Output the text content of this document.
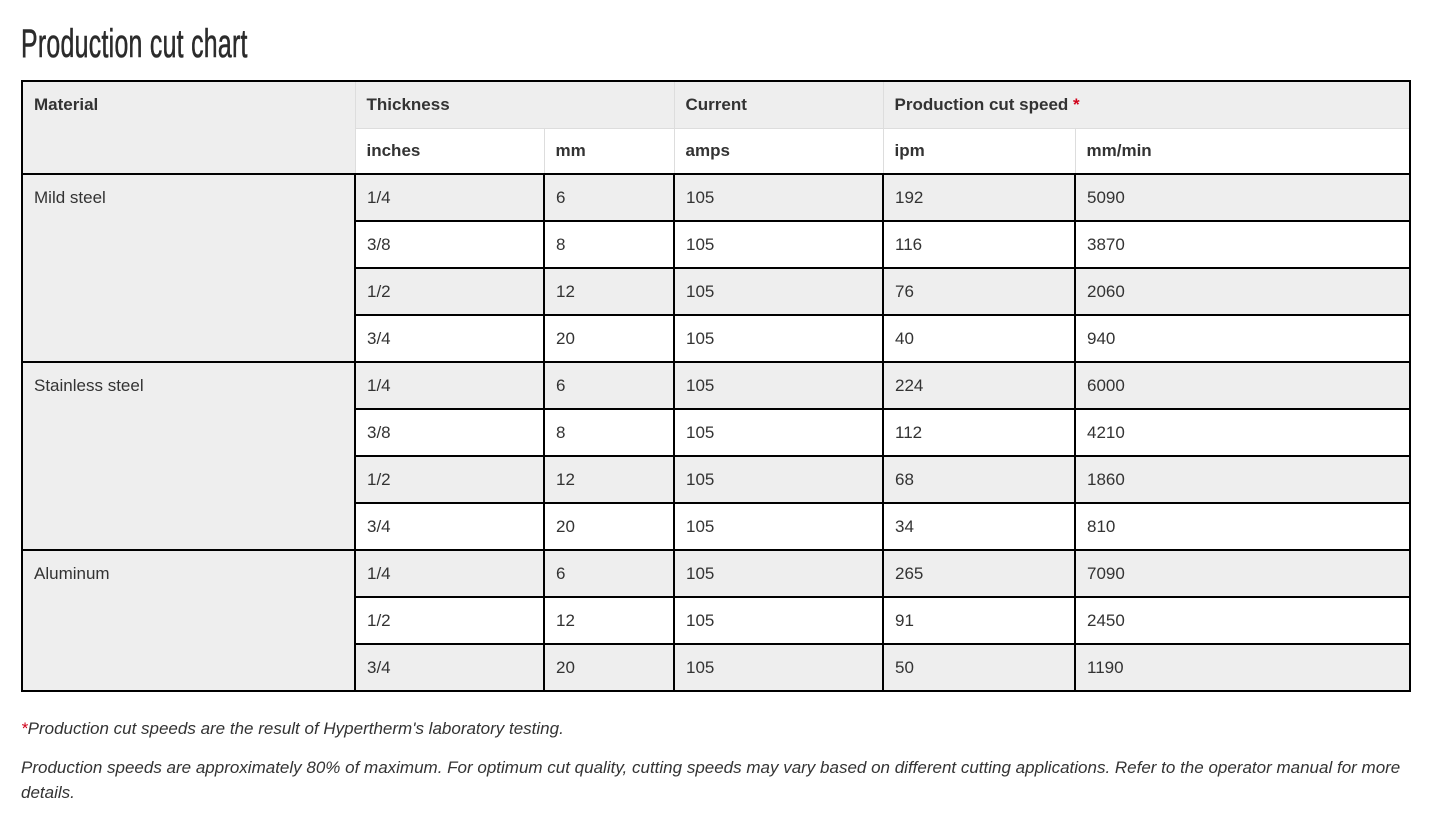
Production cut chart
Material	Thickness		Current	Production cut speed *	
	inches	mm	amps	ipm	mm/min
Mild steel	1/4	6	105	192	5090
	3/8	8	105	116	3870
	1/2	12	105	76	2060
	3/4	20	105	40	940
Stainless steel	1/4	6	105	224	6000
	3/8	8	105	112	4210
	1/2	12	105	68	1860
	3/4	20	105	34	810
Aluminum	1/4	6	105	265	7090
	1/2	12	105	91	2450
	3/4	20	105	50	1190

*Production cut speeds are the result of Hypertherm's laboratory testing.

Production speeds are approximately 80% of maximum. For optimum cut quality, cutting speeds may vary based on different cutting applications. Refer to the operator manual for more details.
